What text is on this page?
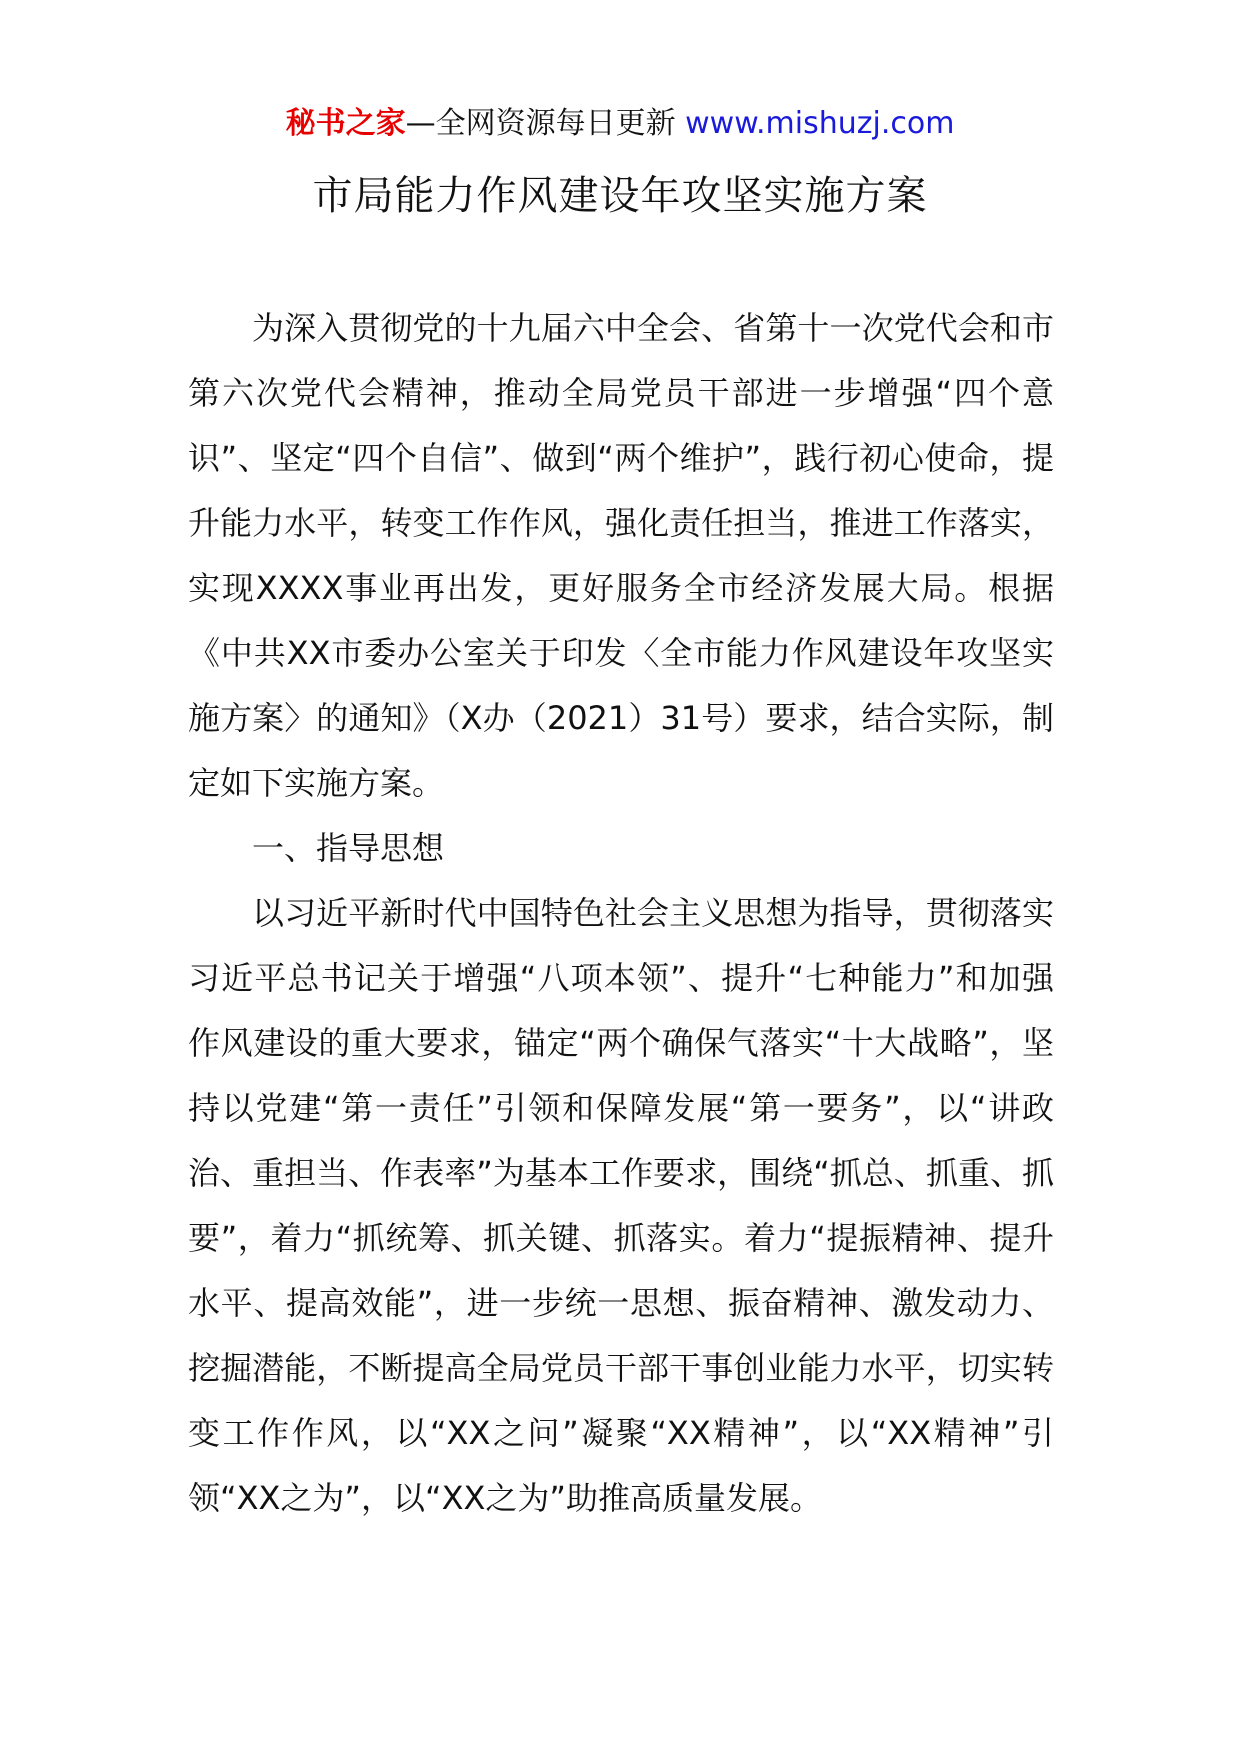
秘书之家—全网资源每日更新 www.mishuzj.com
市局能力作风建设年攻坚实施方案

为深入贯彻党的十九届六中全会、省第十一次党代会和市第六次党代会精神，推动全局党员干部进一步增强“四个意识”、坚定“四个自信”、做到“两个维护”，践行初心使命，提升能力水平，转变工作作风，强化责任担当，推进工作落实，实现XXXX事业再出发，更好服务全市经济发展大局。根据《中共XX市委办公室关于印发〈全市能力作风建设年攻坚实施方案〉的通知》（X办（2021）31号）要求，结合实际，制定如下实施方案。

一、指导思想

以习近平新时代中国特色社会主义思想为指导，贯彻落实习近平总书记关于增强“八项本领”、提升“七种能力”和加强作风建设的重大要求，锚定“两个确保气落实“十大战略”，坚持以党建“第一责任”引领和保障发展“第一要务”，以“讲政治、重担当、作表率”为基本工作要求，围绕“抓总、抓重、抓要”，着力“抓统筹、抓关键、抓落实。着力“提振精神、提升水平、提高效能”，进一步统一思想、振奋精神、激发动力、挖掘潜能，不断提高全局党员干部干事创业能力水平，切实转变工作作风，以“XX之问”凝聚“XX精神”，以“XX精神”引领“XX之为”，以“XX之为”助推高质量发展。
